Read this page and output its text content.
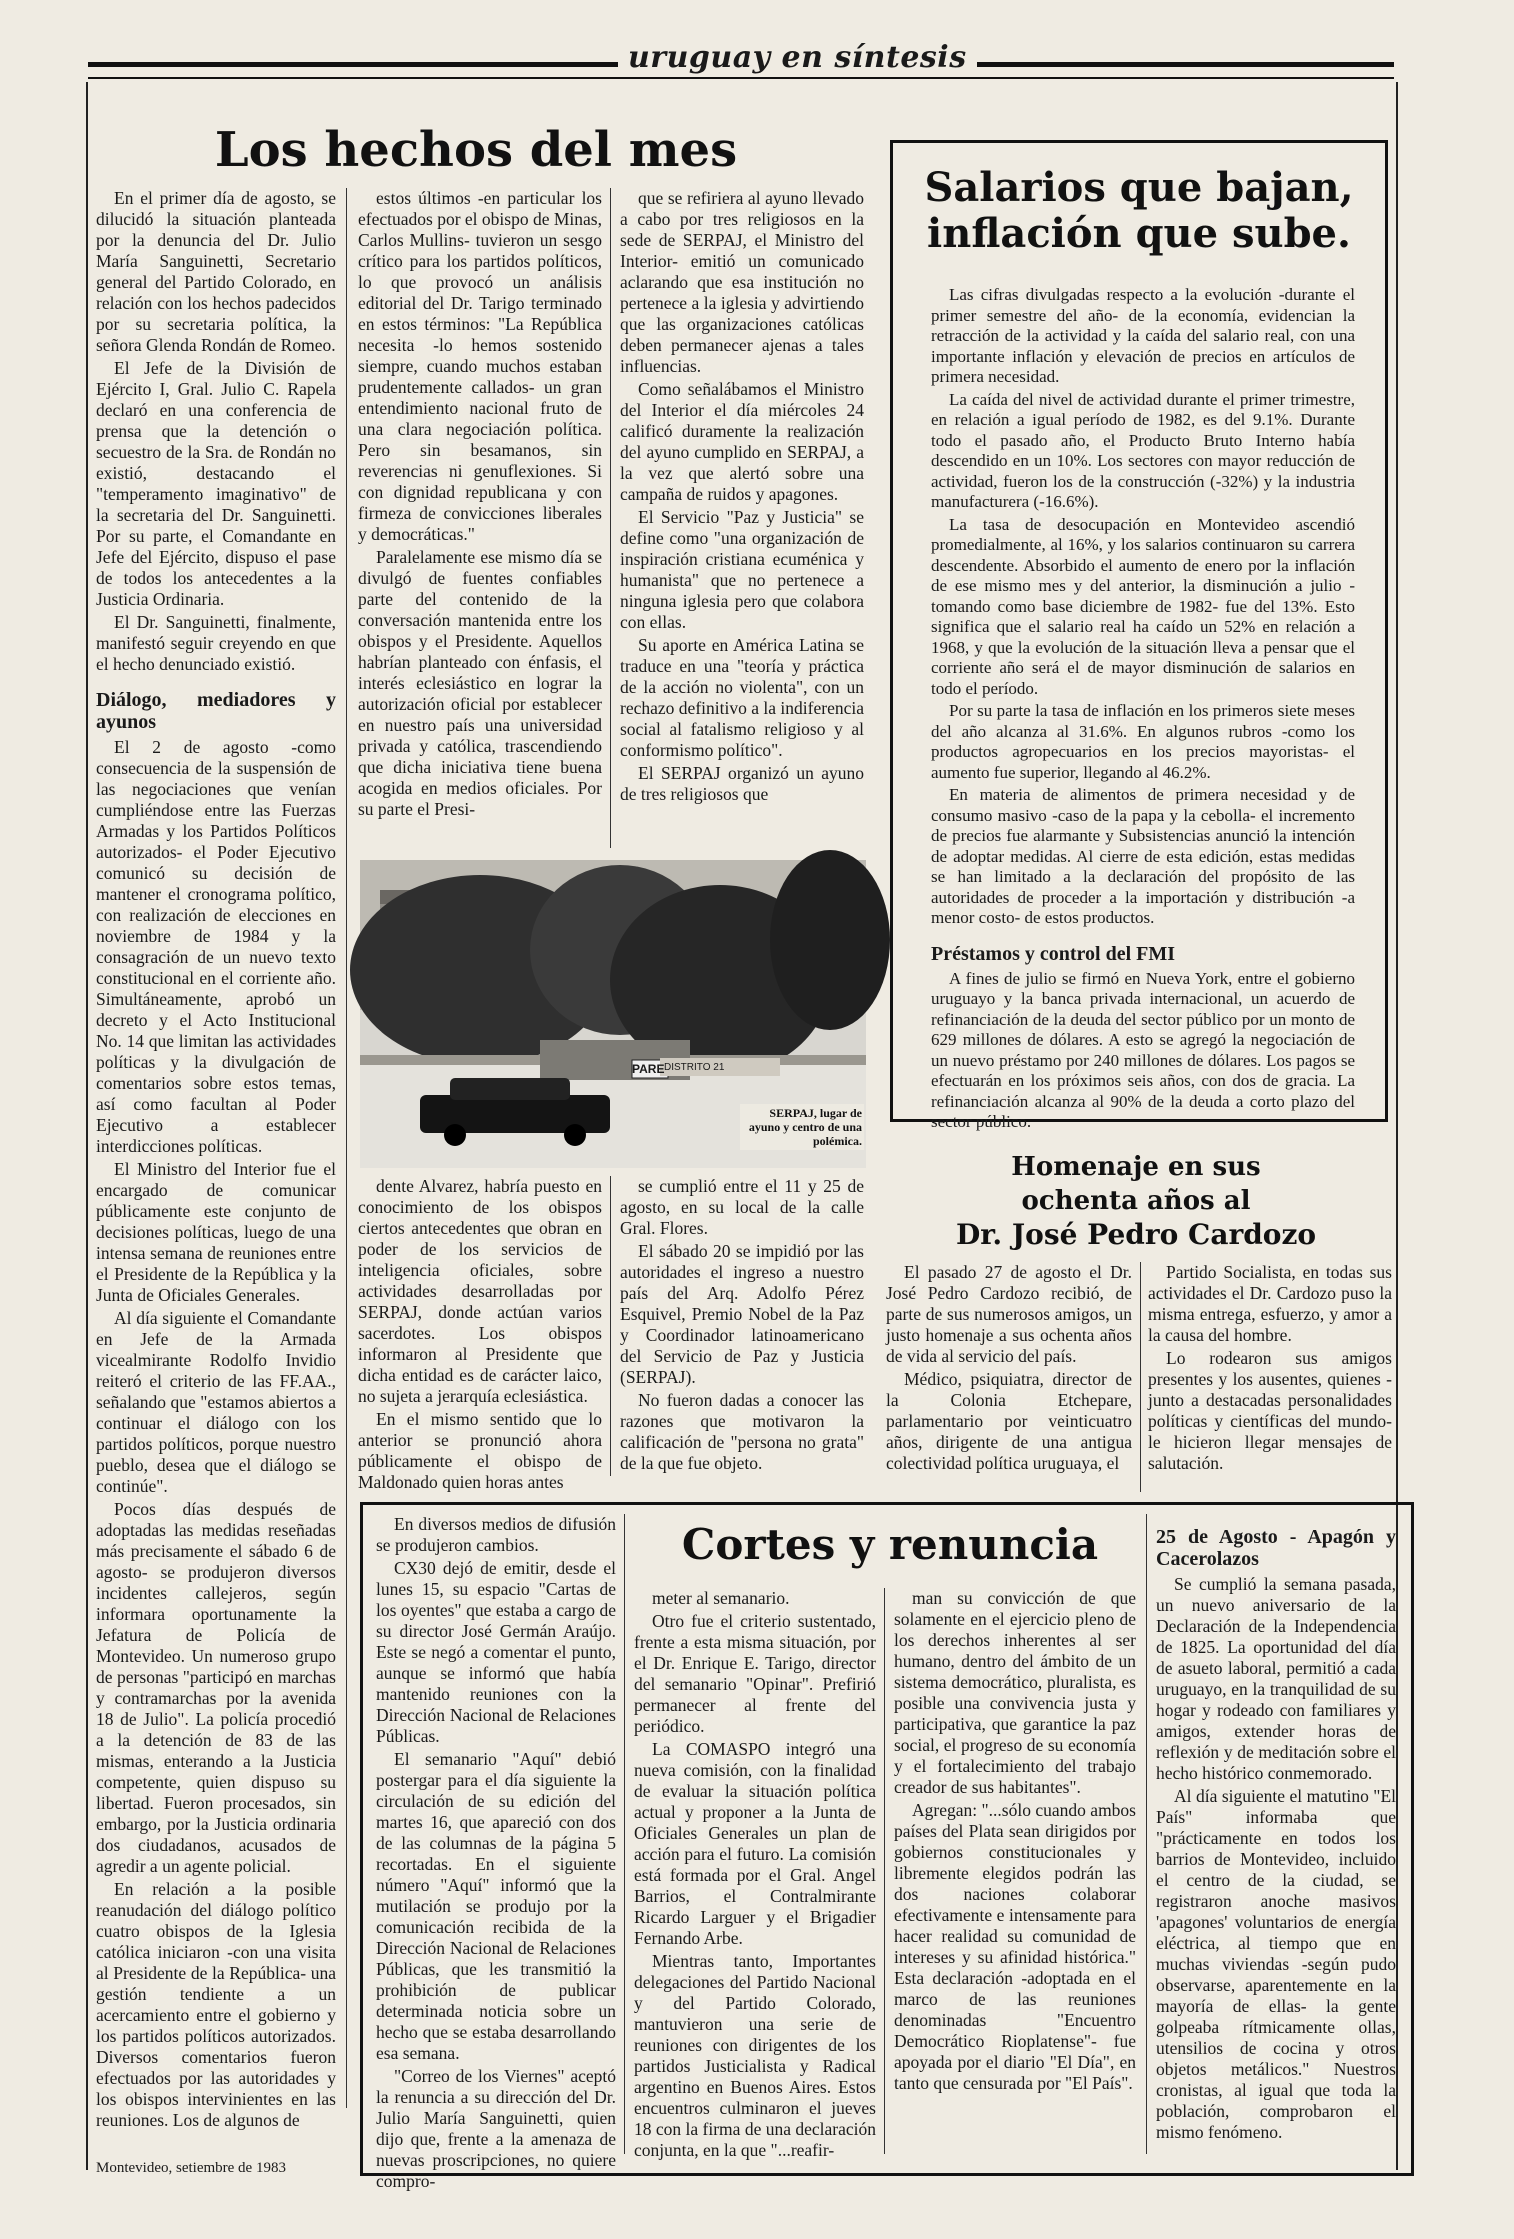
uruguay en síntesis
Los hechos del mes

En el primer día de agosto, se dilucidó la situación planteada por la denuncia del Dr. Julio María Sanguinetti, Secretario general del Partido Colorado, en relación con los hechos padecidos por su secretaria política, la señora Glenda Rondán de Romeo.

El Jefe de la División de Ejército I, Gral. Julio C. Rapela declaró en una conferencia de prensa que la detención o secuestro de la Sra. de Rondán no existió, destacando el "temperamento imaginativo" de la secretaria del Dr. Sanguinetti. Por su parte, el Comandante en Jefe del Ejército, dispuso el pase de todos los antecedentes a la Justicia Ordinaria.

El Dr. Sanguinetti, finalmente, manifestó seguir creyendo en que el hecho denunciado existió.

Diálogo, mediadores y ayunos

El 2 de agosto -como consecuencia de la suspensión de las negociaciones que venían cumpliéndose entre las Fuerzas Armadas y los Partidos Políticos autorizados- el Poder Ejecutivo comunicó su decisión de mantener el cronograma político, con realización de elecciones en noviembre de 1984 y la consagración de un nuevo texto constitucional en el corriente año. Simultáneamente, aprobó un decreto y el Acto Institucional No. 14 que limitan las actividades políticas y la divulgación de comentarios sobre estos temas, así como facultan al Poder Ejecutivo a establecer interdicciones políticas.

El Ministro del Interior fue el encargado de comunicar públicamente este conjunto de decisiones políticas, luego de una intensa semana de reuniones entre el Presidente de la República y la Junta de Oficiales Generales.

Al día siguiente el Comandante en Jefe de la Armada vicealmirante Rodolfo Invidio reiteró el criterio de las FF.AA., señalando que "estamos abiertos a continuar el diálogo con los partidos políticos, porque nuestro pueblo, desea que el diálogo se continúe".

Pocos días después de adoptadas las medidas reseñadas más precisamente el sábado 6 de agosto- se produjeron diversos incidentes callejeros, según informara oportunamente la Jefatura de Policía de Montevideo. Un numeroso grupo de personas "participó en marchas y contramarchas por la avenida 18 de Julio". La policía procedió a la detención de 83 de las mismas, enterando a la Justicia competente, quien dispuso su libertad. Fueron procesados, sin embargo, por la Justicia ordinaria dos ciudadanos, acusados de agredir a un agente policial.

En relación a la posible reanudación del diálogo político cuatro obispos de la Iglesia católica iniciaron -con una visita al Presidente de la República- una gestión tendiente a un acercamiento entre el gobierno y los partidos políticos autorizados. Diversos comentarios fueron efectuados por las autoridades y los obispos intervinientes en las reuniones. Los de algunos de

estos últimos -en particular los efectuados por el obispo de Minas, Carlos Mullins- tuvieron un sesgo crítico para los partidos políticos, lo que provocó un análisis editorial del Dr. Tarigo terminado en estos términos: "La República necesita -lo hemos sostenido siempre, cuando muchos estaban prudentemente callados- un gran entendimiento nacional fruto de una clara negociación política. Pero sin besamanos, sin reverencias ni genuflexiones. Si con dignidad republicana y con firmeza de convicciones liberales y democráticas."

Paralelamente ese mismo día se divulgó de fuentes confiables parte del contenido de la conversación mantenida entre los obispos y el Presidente. Aquellos habrían planteado con énfasis, el interés eclesiástico en lograr la autorización oficial por establecer en nuestro país una universidad privada y católica, trascendiendo que dicha iniciativa tiene buena acogida en medios oficiales. Por su parte el Presi-

que se refiriera al ayuno llevado a cabo por tres religiosos en la sede de SERPAJ, el Ministro del Interior- emitió un comunicado aclarando que esa institución no pertenece a la iglesia y advirtiendo que las organizaciones católicas deben permanecer ajenas a tales influencias.

Como señalábamos el Ministro del Interior el día miércoles 24 calificó duramente la realización del ayuno cumplido en SERPAJ, a la vez que alertó sobre una campaña de ruidos y apagones.

El Servicio "Paz y Justicia" se define como "una organización de inspiración cristiana ecuménica y humanista" que no pertenece a ninguna iglesia pero que colabora con ellas.

Su aporte en América Latina se traduce en una "teoría y práctica de la acción no violenta", con un rechazo definitivo a la indiferencia social al fatalismo religioso y al conformismo político".

El SERPAJ organizó un ayuno de tres religiosos que

PARE DISTRITO 21
SERPAJ, lugar de ayuno y centro de una polémica.

dente Alvarez, habría puesto en conocimiento de los obispos ciertos antecedentes que obran en poder de los servicios de inteligencia oficiales, sobre actividades desarrolladas por SERPAJ, donde actúan varios sacerdotes. Los obispos informaron al Presidente que dicha entidad es de carácter laico, no sujeta a jerarquía eclesiástica.

En el mismo sentido que lo anterior se pronunció ahora públicamente el obispo de Maldonado quien horas antes

se cumplió entre el 11 y 25 de agosto, en su local de la calle Gral. Flores.

El sábado 20 se impidió por las autoridades el ingreso a nuestro país del Arq. Adolfo Pérez Esquivel, Premio Nobel de la Paz y Coordinador latinoamericano del Servicio de Paz y Justicia (SERPAJ).

No fueron dadas a conocer las razones que motivaron la calificación de "persona no grata" de la que fue objeto.

Salarios que bajan, inflación que sube.

Las cifras divulgadas respecto a la evolución -durante el primer semestre del año- de la economía, evidencian la retracción de la actividad y la caída del salario real, con una importante inflación y elevación de precios en artículos de primera necesidad.

La caída del nivel de actividad durante el primer trimestre, en relación a igual período de 1982, es del 9.1%. Durante todo el pasado año, el Producto Bruto Interno había descendido en un 10%. Los sectores con mayor reducción de actividad, fueron los de la construcción (-32%) y la industria manufacturera (-16.6%).

La tasa de desocupación en Montevideo ascendió promedialmente, al 16%, y los salarios continuaron su carrera descendente. Absorbido el aumento de enero por la inflación de ese mismo mes y del anterior, la disminución a julio -tomando como base diciembre de 1982- fue del 13%. Esto significa que el salario real ha caído un 52% en relación a 1968, y que la evolución de la situación lleva a pensar que el corriente año será el de mayor disminución de salarios en todo el período.

Por su parte la tasa de inflación en los primeros siete meses del año alcanza al 31.6%. En algunos rubros -como los productos agropecuarios en los precios mayoristas- el aumento fue superior, llegando al 46.2%.

En materia de alimentos de primera necesidad y de consumo masivo -caso de la papa y la cebolla- el incremento de precios fue alarmante y Subsistencias anunció la intención de adoptar medidas. Al cierre de esta edición, estas medidas se han limitado a la declaración del propósito de las autoridades de proceder a la importación y distribución -a menor costo- de estos productos.

Préstamos y control del FMI

A fines de julio se firmó en Nueva York, entre el gobierno uruguayo y la banca privada internacional, un acuerdo de refinanciación de la deuda del sector público por un monto de 629 millones de dólares. A esto se agregó la negociación de un nuevo préstamo por 240 millones de dólares. Los pagos se efectuarán en los próximos seis años, con dos de gracia. La refinanciación alcanza al 90% de la deuda a corto plazo del sector público.

Homenaje en sus
ochenta años al
Dr. José Pedro Cardozo

El pasado 27 de agosto el Dr. José Pedro Cardozo recibió, de parte de sus numerosos amigos, un justo homenaje a sus ochenta años de vida al servicio del país.

Médico, psiquiatra, director de la Colonia Etchepare, parlamentario por veinticuatro años, dirigente de una antigua colectividad política uruguaya, el

Partido Socialista, en todas sus actividades el Dr. Cardozo puso la misma entrega, esfuerzo, y amor a la causa del hombre.

Lo rodearon sus amigos presentes y los ausentes, quienes -junto a destacadas personalidades políticas y científicas del mundo- le hicieron llegar mensajes de salutación.

Cortes y renuncia

En diversos medios de difusión se produjeron cambios.

CX30 dejó de emitir, desde el lunes 15, su espacio "Cartas de los oyentes" que estaba a cargo de su director José Germán Araújo. Este se negó a comentar el punto, aunque se informó que había mantenido reuniones con la Dirección Nacional de Relaciones Públicas.

El semanario "Aquí" debió postergar para el día siguiente la circulación de su edición del martes 16, que apareció con dos de las columnas de la página 5 recortadas. En el siguiente número "Aquí" informó que la mutilación se produjo por la comunicación recibida de la Dirección Nacional de Relaciones Públicas, que les transmitió la prohibición de publicar determinada noticia sobre un hecho que se estaba desarrollando esa semana.

"Correo de los Viernes" aceptó la renuncia a su dirección del Dr. Julio María Sanguinetti, quien dijo que, frente a la amenaza de nuevas proscripciones, no quiere compro-

meter al semanario.

Otro fue el criterio sustentado, frente a esta misma situación, por el Dr. Enrique E. Tarigo, director del semanario "Opinar". Prefirió permanecer al frente del periódico.

La COMASPO integró una nueva comisión, con la finalidad de evaluar la situación política actual y proponer a la Junta de Oficiales Generales un plan de acción para el futuro. La comisión está formada por el Gral. Angel Barrios, el Contralmirante Ricardo Larguer y el Brigadier Fernando Arbe.

Mientras tanto, Importantes delegaciones del Partido Nacional y del Partido Colorado, mantuvieron una serie de reuniones con dirigentes de los partidos Justicialista y Radical argentino en Buenos Aires. Estos encuentros culminaron el jueves 18 con la firma de una declaración conjunta, en la que "...reafir-

man su convicción de que solamente en el ejercicio pleno de los derechos inherentes al ser humano, dentro del ámbito de un sistema democrático, pluralista, es posible una convivencia justa y participativa, que garantice la paz social, el progreso de su economía y el fortalecimiento del trabajo creador de sus habitantes".

Agregan: "...sólo cuando ambos países del Plata sean dirigidos por gobiernos constitucionales y libremente elegidos podrán las dos naciones colaborar efectivamente e intensamente para hacer realidad su comunidad de intereses y su afinidad histórica." Esta declaración -adoptada en el marco de las reuniones denominadas "Encuentro Democrático Rioplatense"- fue apoyada por el diario "El Día", en tanto que censurada por "El País".

25 de Agosto - Apagón y Cacerolazos

Se cumplió la semana pasada, un nuevo aniversario de la Declaración de la Independencia de 1825. La oportunidad del día de asueto laboral, permitió a cada uruguayo, en la tranquilidad de su hogar y rodeado con familiares y amigos, extender horas de reflexión y de meditación sobre el hecho histórico conmemorado.

Al día siguiente el matutino "El País" informaba que "prácticamente en todos los barrios de Montevideo, incluido el centro de la ciudad, se registraron anoche masivos 'apagones' voluntarios de energía eléctrica, al tiempo que en muchas viviendas -según pudo observarse, aparentemente en la mayoría de ellas- la gente golpeaba rítmicamente ollas, utensilios de cocina y otros objetos metálicos." Nuestros cronistas, al igual que toda la población, comprobaron el mismo fenómeno.

Montevideo, setiembre de 1983
